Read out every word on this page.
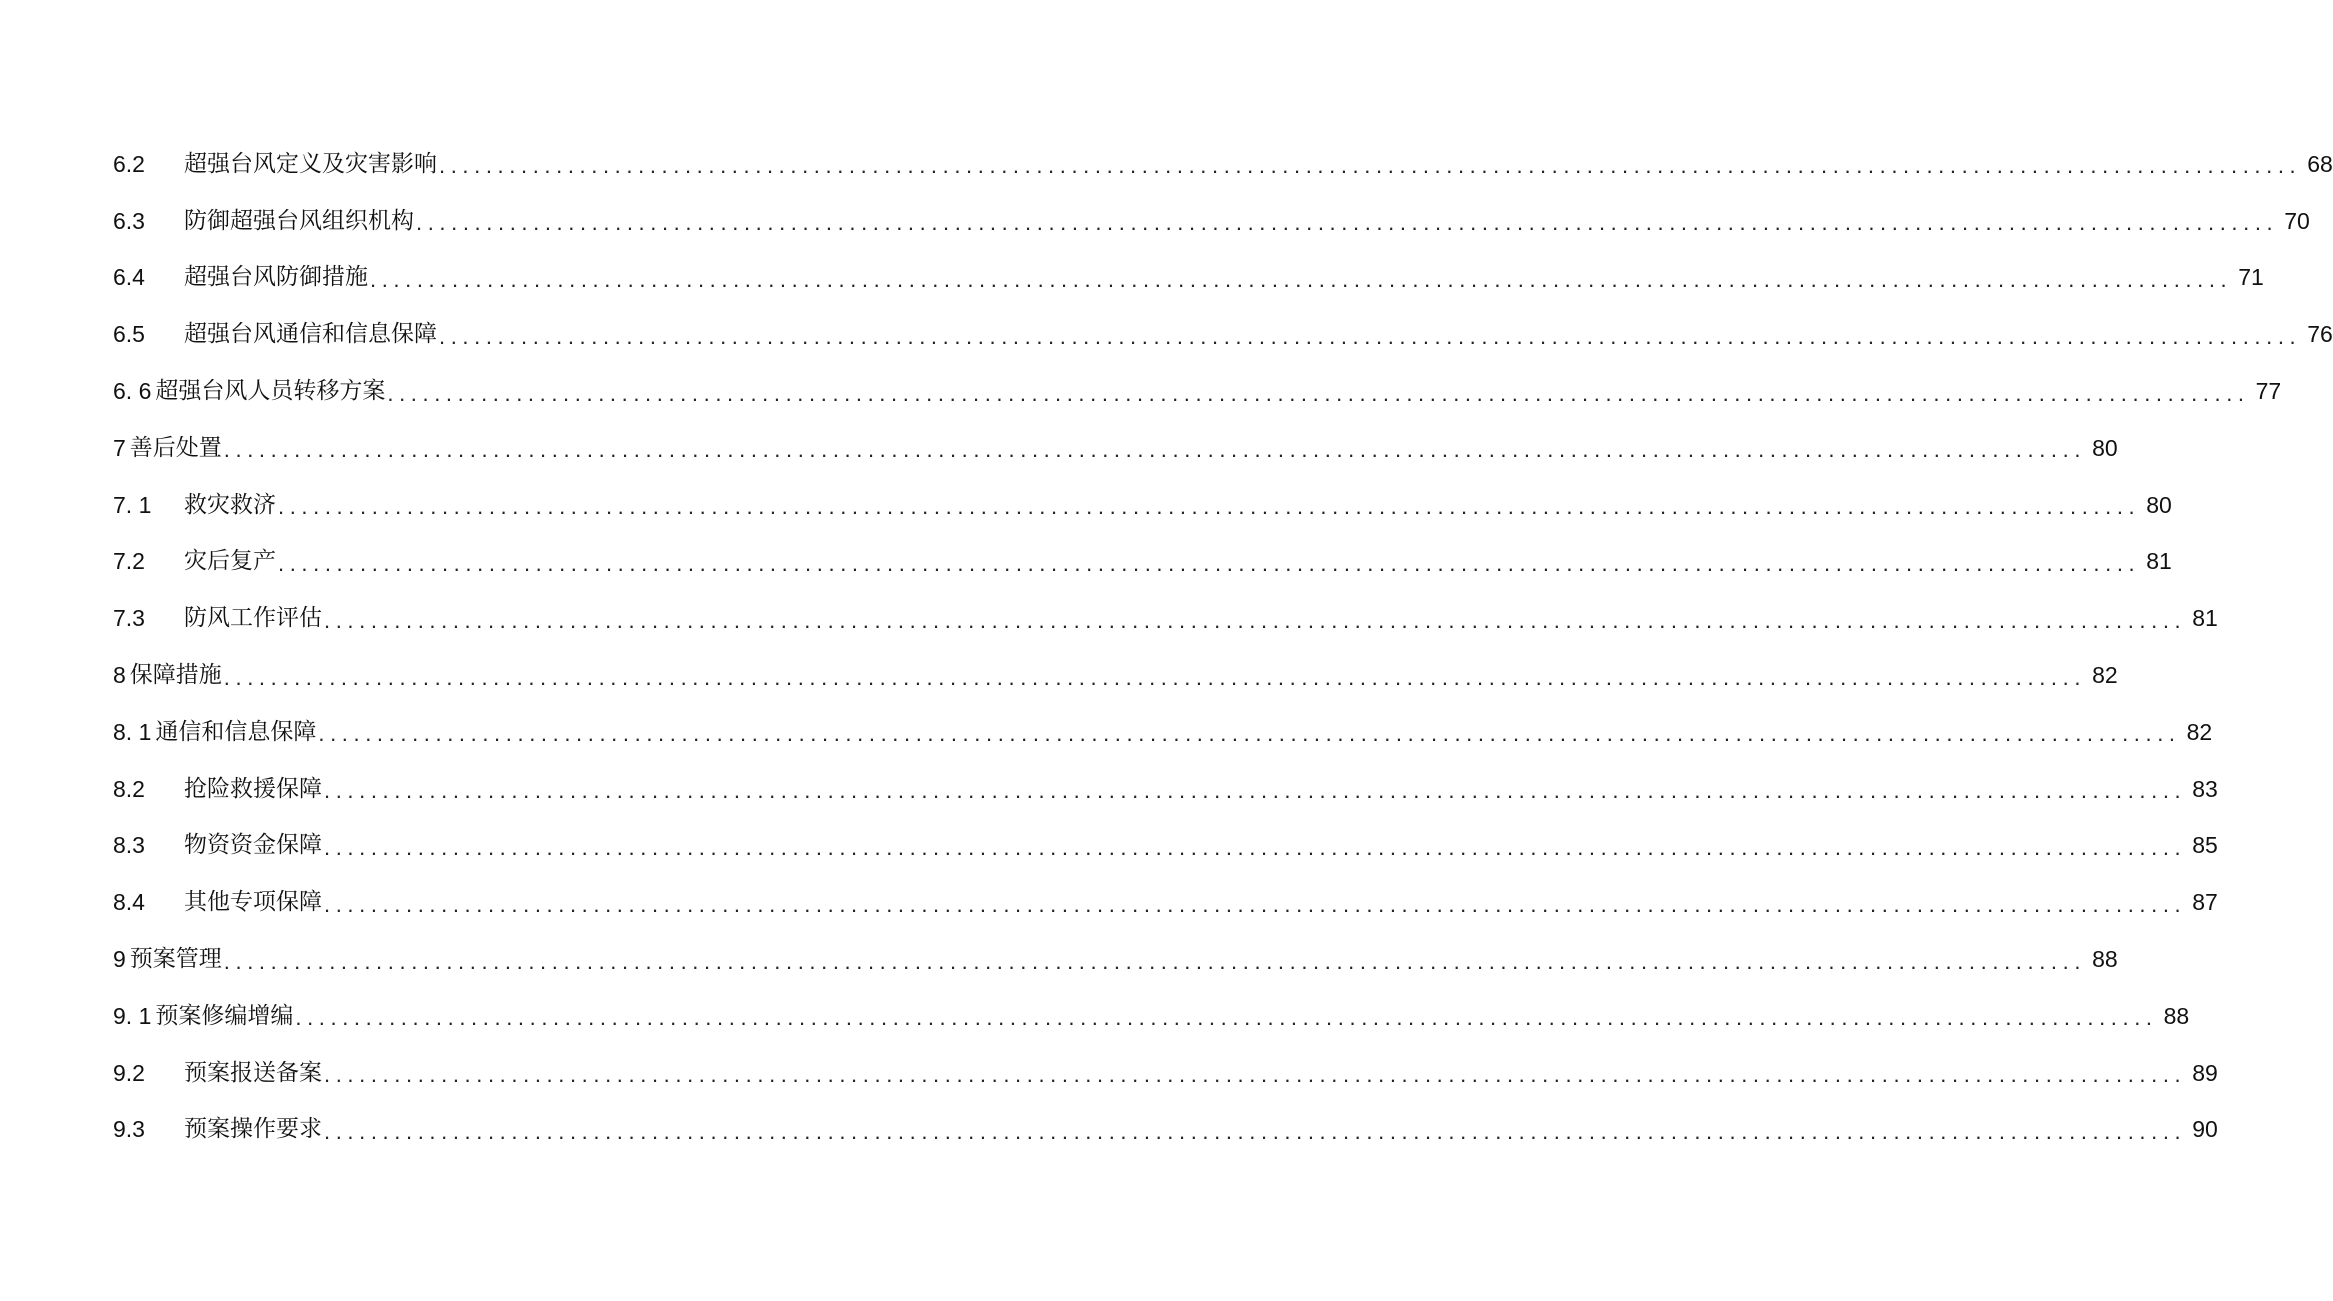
6.2	超强台风定义及灾害影响 ............................................................................................................................................................... 68
6.3	防御超强台风组织机构 ............................................................................................................................................................... 70
6.4	超强台风防御措施 ............................................................................................................................................................... 71
6.5	超强台风通信和信息保障 ............................................................................................................................................................... 76
6. 6 超强台风人员转移方案 ............................................................................................................................................................... 77
7 善后处置 ............................................................................................................................................................... 80
7. 1	救灾救济 ............................................................................................................................................................... 80
7.2	灾后复产 ............................................................................................................................................................... 81
7.3	防风工作评估 ............................................................................................................................................................... 81
8 保障措施 ............................................................................................................................................................... 82
8. 1 通信和信息保障 ............................................................................................................................................................... 82
8.2	抢险救援保障 ............................................................................................................................................................... 83
8.3	物资资金保障 ............................................................................................................................................................... 85
8.4	其他专项保障 ............................................................................................................................................................... 87
9 预案管理 ............................................................................................................................................................... 88
9. 1 预案修编增编 ............................................................................................................................................................... 88
9.2	预案报送备案 ............................................................................................................................................................... 89
9.3	预案操作要求 ............................................................................................................................................................... 90
